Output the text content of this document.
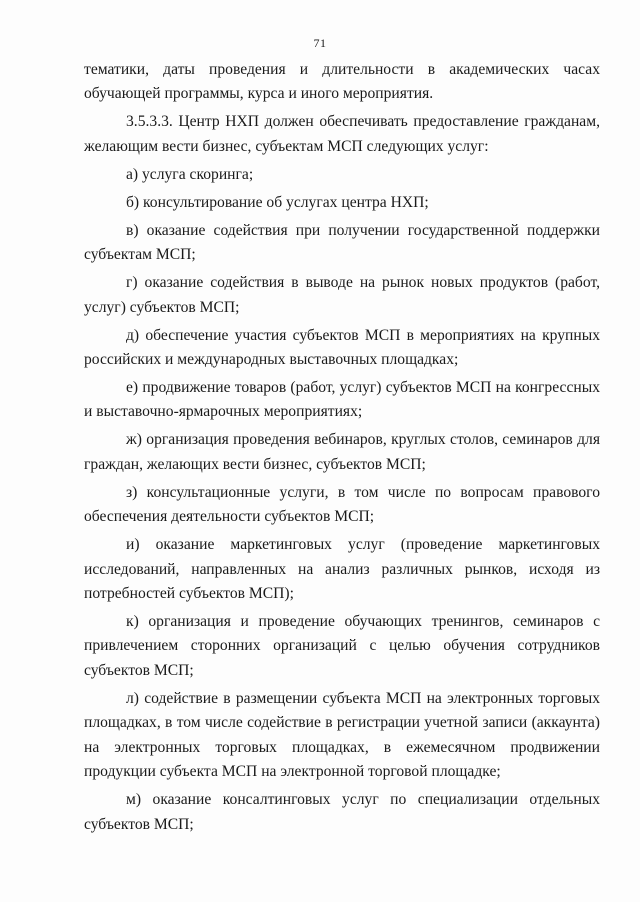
71

тематики, даты проведения и длительности в академических часах обучающей программы, курса и иного мероприятия.

3.5.3.3. Центр НХП должен обеспечивать предоставление гражданам, желающим вести бизнес, субъектам МСП следующих услуг:

а) услуга скоринга;

б) консультирование об услугах центра НХП;

в) оказание содействия при получении государственной поддержки субъектам МСП;

г) оказание содействия в выводе на рынок новых продуктов (работ, услуг) субъектов МСП;

д) обеспечение участия субъектов МСП в мероприятиях на крупных российских и международных выставочных площадках;

е) продвижение товаров (работ, услуг) субъектов МСП на конгрессных и выставочно-ярмарочных мероприятиях;

ж) организация проведения вебинаров, круглых столов, семинаров для граждан, желающих вести бизнес, субъектов МСП;

з) консультационные услуги, в том числе по вопросам правового обеспечения деятельности субъектов МСП;

и) оказание маркетинговых услуг (проведение маркетинговых исследований, направленных на анализ различных рынков, исходя из потребностей субъектов МСП);

к) организация и проведение обучающих тренингов, семинаров с привлечением сторонних организаций с целью обучения сотрудников субъектов МСП;

л) содействие в размещении субъекта МСП на электронных торговых площадках, в том числе содействие в регистрации учетной записи (аккаунта) на электронных торговых площадках, в ежемесячном продвижении продукции субъекта МСП на электронной торговой площадке;

м) оказание консалтинговых услуг по специализации отдельных субъектов МСП;
